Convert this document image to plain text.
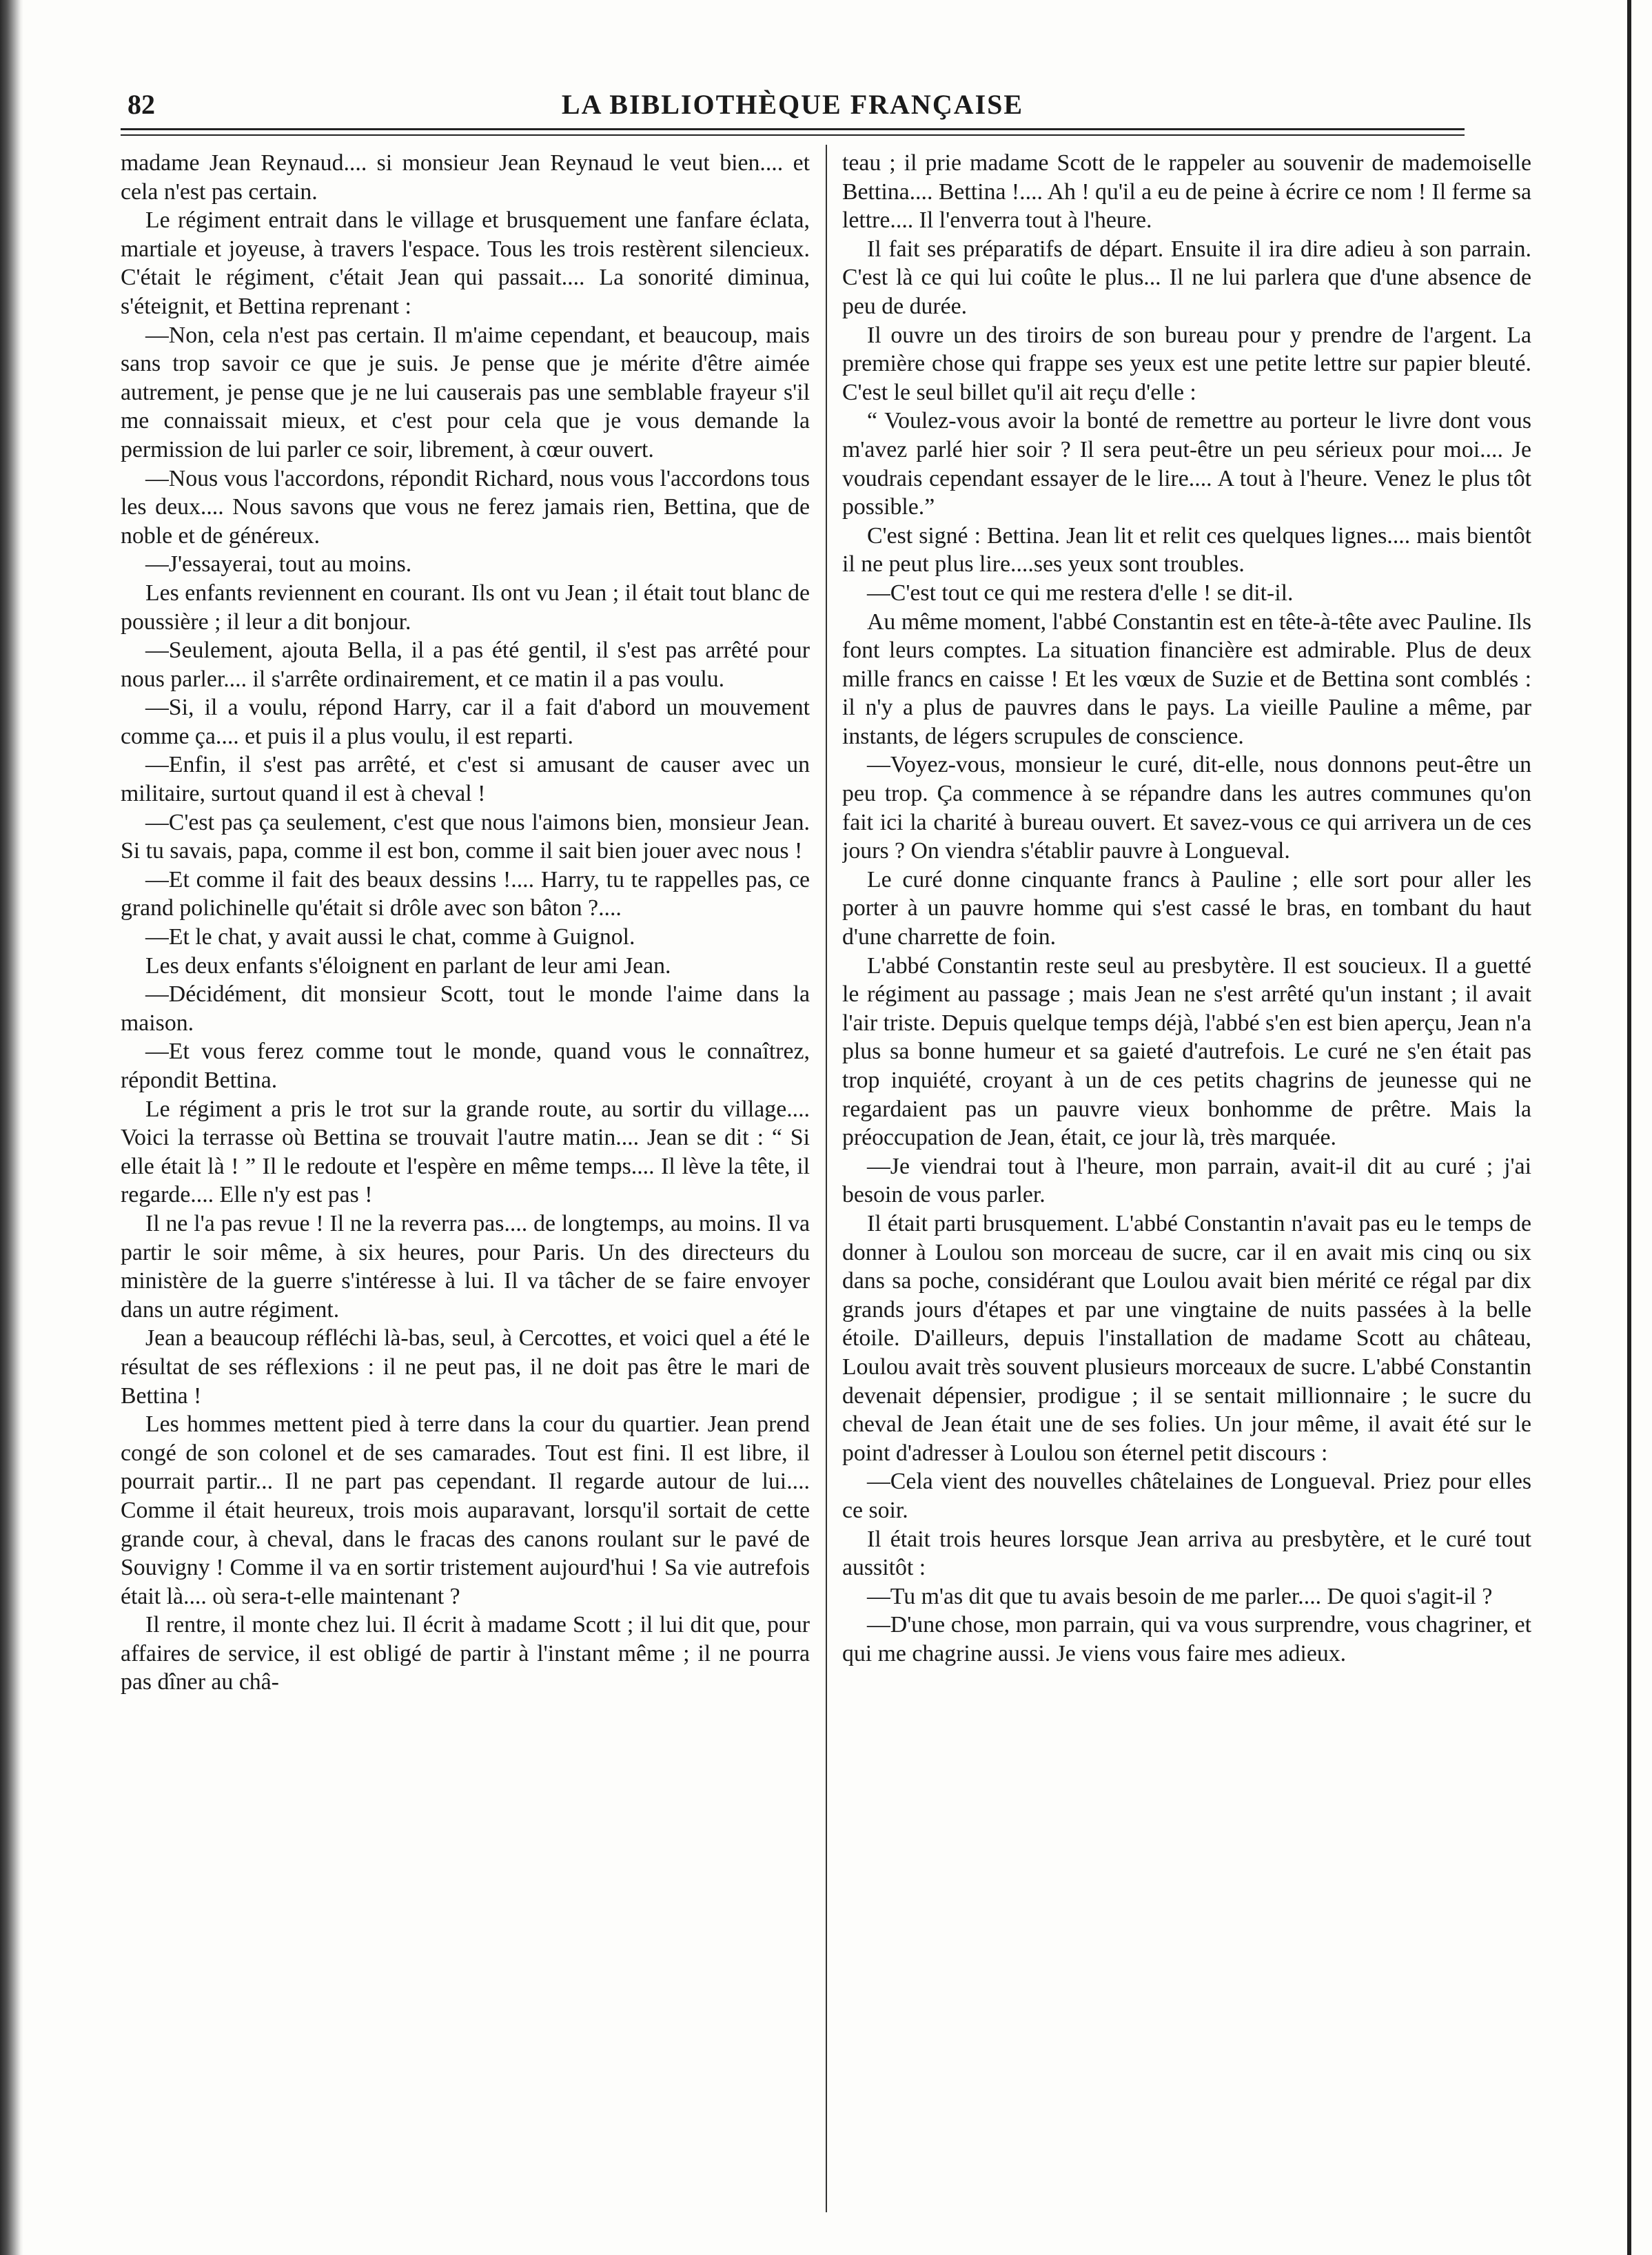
82	LA BIBLIOTHÈQUE FRANÇAISE

madame Jean Reynaud.... si monsieur Jean Reynaud le veut bien.... et cela n'est pas certain.

Le régiment entrait dans le village et brusquement une fanfare éclata, martiale et joyeuse, à travers l'espace. Tous les trois restèrent silencieux. C'était le régiment, c'était Jean qui passait.... La sonorité diminua, s'éteignit, et Bettina reprenant :

—Non, cela n'est pas certain. Il m'aime cependant, et beaucoup, mais sans trop savoir ce que je suis. Je pense que je mérite d'être aimée autrement, je pense que je ne lui causerais pas une semblable frayeur s'il me connaissait mieux, et c'est pour cela que je vous demande la permission de lui parler ce soir, librement, à cœur ouvert.

—Nous vous l'accordons, répondit Richard, nous vous l'accordons tous les deux.... Nous savons que vous ne ferez jamais rien, Bettina, que de noble et de généreux.

—J'essayerai, tout au moins.

Les enfants reviennent en courant. Ils ont vu Jean ; il était tout blanc de poussière ; il leur a dit bonjour.

—Seulement, ajouta Bella, il a pas été gentil, il s'est pas arrêté pour nous parler.... il s'arrête ordinairement, et ce matin il a pas voulu.

—Si, il a voulu, répond Harry, car il a fait d'abord un mouvement comme ça.... et puis il a plus voulu, il est reparti.

—Enfin, il s'est pas arrêté, et c'est si amusant de causer avec un militaire, surtout quand il est à cheval !

—C'est pas ça seulement, c'est que nous l'aimons bien, monsieur Jean. Si tu savais, papa, comme il est bon, comme il sait bien jouer avec nous !

—Et comme il fait des beaux dessins !.... Harry, tu te rappelles pas, ce grand polichinelle qu'était si drôle avec son bâton ?....

—Et le chat, y avait aussi le chat, comme à Guignol.

Les deux enfants s'éloignent en parlant de leur ami Jean.

—Décidément, dit monsieur Scott, tout le monde l'aime dans la maison.

—Et vous ferez comme tout le monde, quand vous le connaîtrez, répondit Bettina.

Le régiment a pris le trot sur la grande route, au sortir du village.... Voici la terrasse où Bettina se trouvait l'autre matin.... Jean se dit : “ Si elle était là ! ” Il le redoute et l'espère en même temps.... Il lève la tête, il regarde.... Elle n'y est pas !

Il ne l'a pas revue ! Il ne la reverra pas.... de longtemps, au moins. Il va partir le soir même, à six heures, pour Paris. Un des directeurs du ministère de la guerre s'intéresse à lui. Il va tâcher de se faire envoyer dans un autre régiment.

Jean a beaucoup réfléchi là-bas, seul, à Cercottes, et voici quel a été le résultat de ses réflexions : il ne peut pas, il ne doit pas être le mari de Bettina !

Les hommes mettent pied à terre dans la cour du quartier. Jean prend congé de son colonel et de ses camarades. Tout est fini. Il est libre, il pourrait partir... Il ne part pas cependant. Il regarde autour de lui.... Comme il était heureux, trois mois auparavant, lorsqu'il sortait de cette grande cour, à cheval, dans le fracas des canons roulant sur le pavé de Souvigny ! Comme il va en sortir tristement aujourd'hui ! Sa vie autrefois était là.... où sera-t-elle maintenant ?

Il rentre, il monte chez lui. Il écrit à madame Scott ; il lui dit que, pour affaires de service, il est obligé de partir à l'instant même ; il ne pourra pas dîner au châ-

teau ; il prie madame Scott de le rappeler au souvenir de mademoiselle Bettina.... Bettina !.... Ah ! qu'il a eu de peine à écrire ce nom ! Il ferme sa lettre.... Il l'enverra tout à l'heure.

Il fait ses préparatifs de départ. Ensuite il ira dire adieu à son parrain. C'est là ce qui lui coûte le plus... Il ne lui parlera que d'une absence de peu de durée.

Il ouvre un des tiroirs de son bureau pour y prendre de l'argent. La première chose qui frappe ses yeux est une petite lettre sur papier bleuté. C'est le seul billet qu'il ait reçu d'elle :

“ Voulez-vous avoir la bonté de remettre au porteur le livre dont vous m'avez parlé hier soir ? Il sera peut-être un peu sérieux pour moi.... Je voudrais cependant essayer de le lire.... A tout à l'heure. Venez le plus tôt possible.”

C'est signé : Bettina. Jean lit et relit ces quelques lignes.... mais bientôt il ne peut plus lire....ses yeux sont troubles.

—C'est tout ce qui me restera d'elle ! se dit-il.

Au même moment, l'abbé Constantin est en tête-à-tête avec Pauline. Ils font leurs comptes. La situation financière est admirable. Plus de deux mille francs en caisse ! Et les vœux de Suzie et de Bettina sont comblés : il n'y a plus de pauvres dans le pays. La vieille Pauline a même, par instants, de légers scrupules de conscience.

—Voyez-vous, monsieur le curé, dit-elle, nous donnons peut-être un peu trop. Ça commence à se répandre dans les autres communes qu'on fait ici la charité à bureau ouvert. Et savez-vous ce qui arrivera un de ces jours ? On viendra s'établir pauvre à Longueval.

Le curé donne cinquante francs à Pauline ; elle sort pour aller les porter à un pauvre homme qui s'est cassé le bras, en tombant du haut d'une charrette de foin.

L'abbé Constantin reste seul au presbytère. Il est soucieux. Il a guetté le régiment au passage ; mais Jean ne s'est arrêté qu'un instant ; il avait l'air triste. Depuis quelque temps déjà, l'abbé s'en est bien aperçu, Jean n'a plus sa bonne humeur et sa gaieté d'autrefois. Le curé ne s'en était pas trop inquiété, croyant à un de ces petits chagrins de jeunesse qui ne regardaient pas un pauvre vieux bonhomme de prêtre. Mais la préoccupation de Jean, était, ce jour là, très marquée.

—Je viendrai tout à l'heure, mon parrain, avait-il dit au curé ; j'ai besoin de vous parler.

Il était parti brusquement. L'abbé Constantin n'avait pas eu le temps de donner à Loulou son morceau de sucre, car il en avait mis cinq ou six dans sa poche, considérant que Loulou avait bien mérité ce régal par dix grands jours d'étapes et par une vingtaine de nuits passées à la belle étoile. D'ailleurs, depuis l'installation de madame Scott au château, Loulou avait très souvent plusieurs morceaux de sucre. L'abbé Constantin devenait dépensier, prodigue ; il se sentait millionnaire ; le sucre du cheval de Jean était une de ses folies. Un jour même, il avait été sur le point d'adresser à Loulou son éternel petit discours :

—Cela vient des nouvelles châtelaines de Longueval. Priez pour elles ce soir.

Il était trois heures lorsque Jean arriva au presbytère, et le curé tout aussitôt :

—Tu m'as dit que tu avais besoin de me parler.... De quoi s'agit-il ?

—D'une chose, mon parrain, qui va vous surprendre, vous chagriner, et qui me chagrine aussi. Je viens vous faire mes adieux.
